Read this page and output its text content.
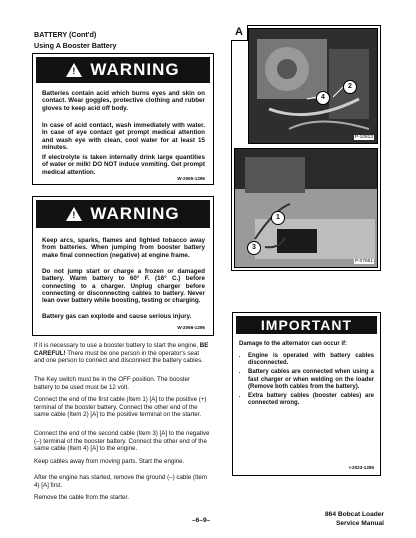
BATTERY (Cont'd)
Using A Booster Battery
! WARNING
Batteries contain acid which burns eyes and skin on contact. Wear goggles, protective clothing and rubber gloves to keep acid off body.
In case of acid contact, wash immediately with water. In case of eye contact get prompt medical attention and wash eye with clean, cool water for at least 15 minutes.
If electrolyte is taken internally drink large quantities of water or milk! DO NOT induce vomiting. Get prompt medical attention.
W-2065-1296
! WARNING
Keep arcs, sparks, flames and lighted tobacco away from batteries. When jumping from booster battery make final connection (negative) at engine frame.
Do not jump start or charge a frozen or damaged battery. Warm battery to 60° F. (16° C.) before connecting to a charger. Unplug charger before connecting or disconnecting cables to battery. Never lean over battery while boosting, testing or charging.
Battery gas can explode and cause serious injury.
W-2066-1296
If it is necessary to use a booster battery to start the engine, BE CAREFUL! There must be one person in the operator's seat and one person to connect and disconnect the battery cables.
The Key switch must be in the OFF position. The booster battery to be used must be 12 volt.
Connect the end of the first cable (Item 1) [A] to the positive (+) terminal of the booster battery. Connect the other end of the same cable (Item 2) [A] to the positive terminal on the starter.
Connect the end of the second cable (Item 3) [A] to the negative (–) terminal of the booster battery. Connect the other end of the same cable (Item 4) [A] to the engine.
Keep cables away from moving parts. Start the engine.
After the engine has started, remove the ground (–) cable (Item 4) [A] first.
Remove the cable from the starter.
A
2
4
P-10813
1
3
P-07661
IMPORTANT
Damage to the alternator can occur if:
• Engine is operated with battery cables disconnected.
• Battery cables are connected when using a fast charger or when welding on the loader (Remove both cables from the battery).
• Extra battery cables (booster cables) are connected wrong.
I-2023-1285
–6–9–
864 Bobcat Loader
Service Manual
